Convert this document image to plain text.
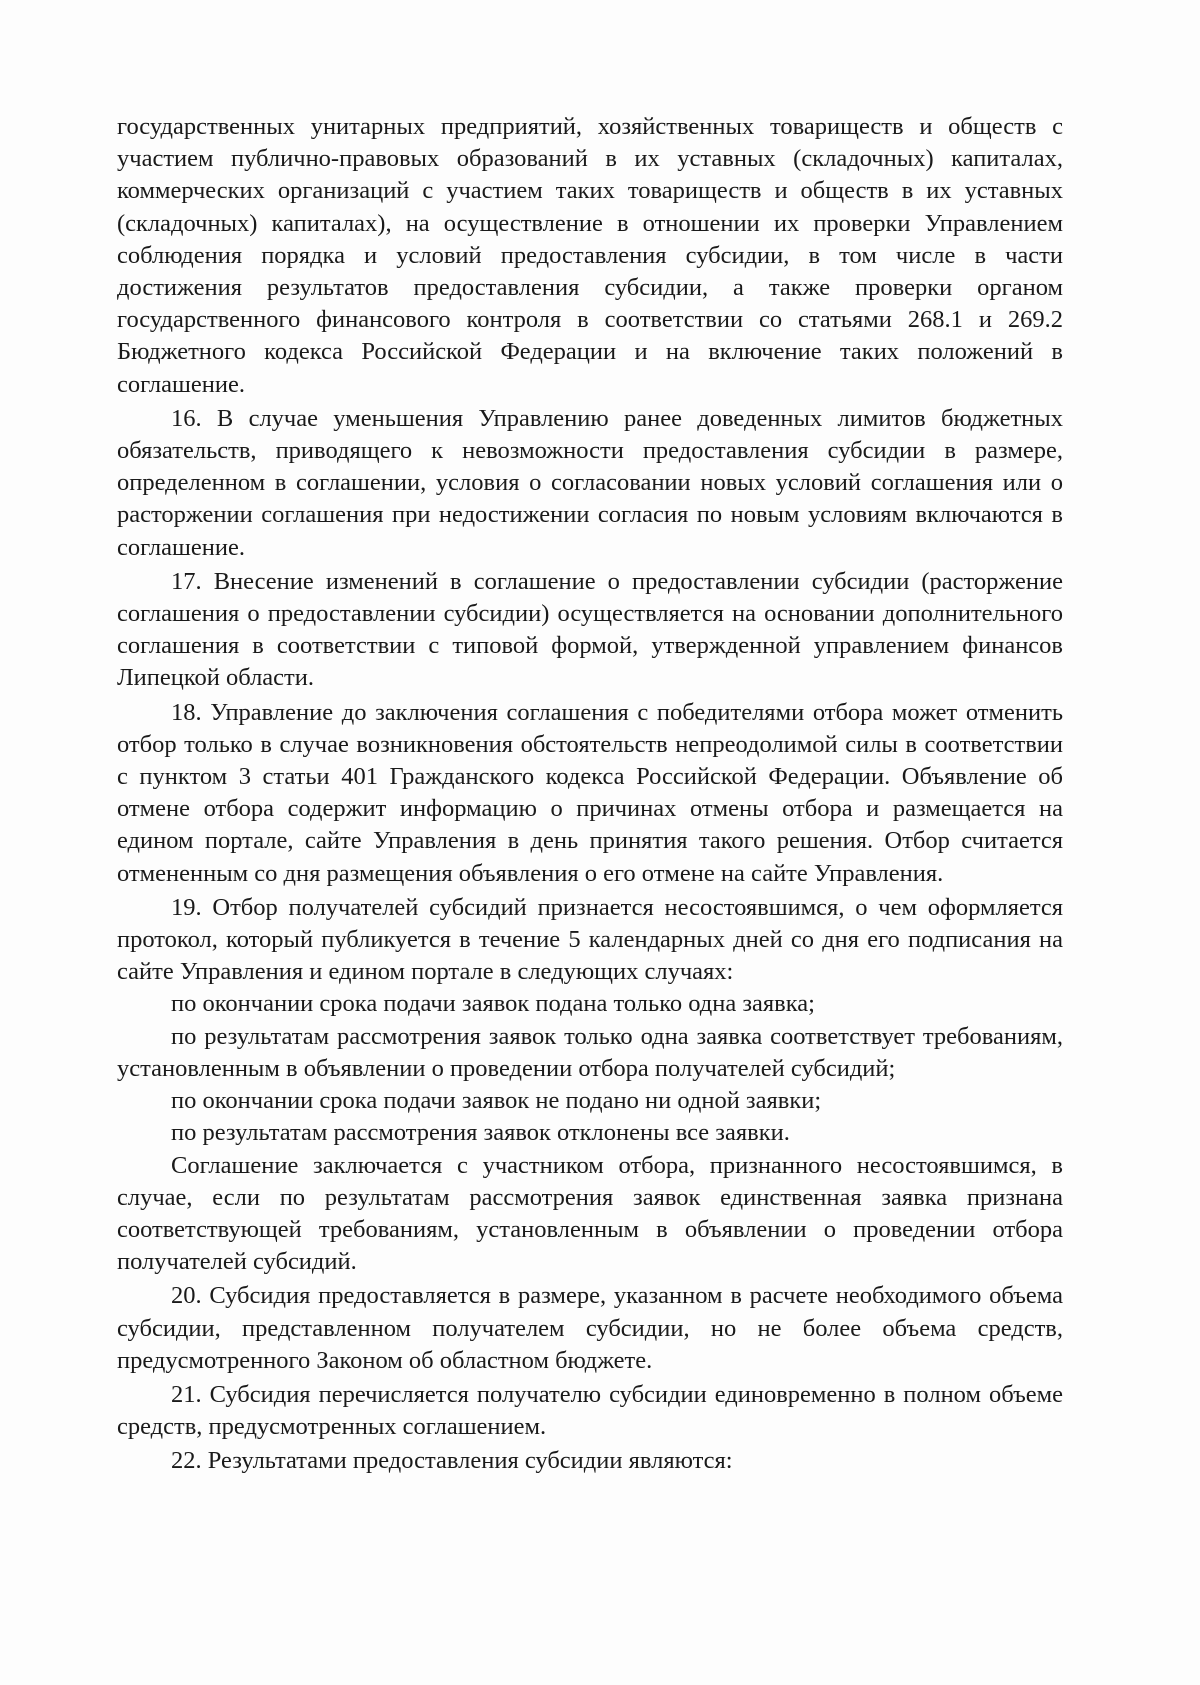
государственных унитарных предприятий, хозяйственных товариществ и обществ с участием публично-правовых образований в их уставных (складочных) капиталах, коммерческих организаций с участием таких товариществ и обществ в их уставных (складочных) капиталах), на осуществление в отношении их проверки Управлением соблюдения порядка и условий предоставления субсидии, в том числе в части достижения результатов предоставления субсидии, а также проверки органом государственного финансового контроля в соответствии со статьями 268.1 и 269.2 Бюджетного кодекса Российской Федерации и на включение таких положений в соглашение.

16. В случае уменьшения Управлению ранее доведенных лимитов бюджетных обязательств, приводящего к невозможности предоставления субсидии в размере, определенном в соглашении, условия о согласовании новых условий соглашения или о расторжении соглашения при недостижении согласия по новым условиям включаются в соглашение.

17. Внесение изменений в соглашение о предоставлении субсидии (расторжение соглашения о предоставлении субсидии) осуществляется на основании дополнительного соглашения в соответствии с типовой формой, утвержденной управлением финансов Липецкой области.

18. Управление до заключения соглашения с победителями отбора может отменить отбор только в случае возникновения обстоятельств непреодолимой силы в соответствии с пунктом 3 статьи 401 Гражданского кодекса Российской Федерации. Объявление об отмене отбора содержит информацию о причинах отмены отбора и размещается на едином портале, сайте Управления в день принятия такого решения. Отбор считается отмененным со дня размещения объявления о его отмене на сайте Управления.

19. Отбор получателей субсидий признается несостоявшимся, о чем оформляется протокол, который публикуется в течение 5 календарных дней со дня его подписания на сайте Управления и едином портале в следующих случаях:

по окончании срока подачи заявок подана только одна заявка;

по результатам рассмотрения заявок только одна заявка соответствует требованиям, установленным в объявлении о проведении отбора получателей субсидий;

по окончании срока подачи заявок не подано ни одной заявки;

по результатам рассмотрения заявок отклонены все заявки.

Соглашение заключается с участником отбора, признанного несостоявшимся, в случае, если по результатам рассмотрения заявок единственная заявка признана соответствующей требованиям, установленным в объявлении о проведении отбора получателей субсидий.

20. Субсидия предоставляется в размере, указанном в расчете необходимого объема субсидии, представленном получателем субсидии, но не более объема средств, предусмотренного Законом об областном бюджете.

21. Субсидия перечисляется получателю субсидии единовременно в полном объеме средств, предусмотренных соглашением.

22. Результатами предоставления субсидии являются:
